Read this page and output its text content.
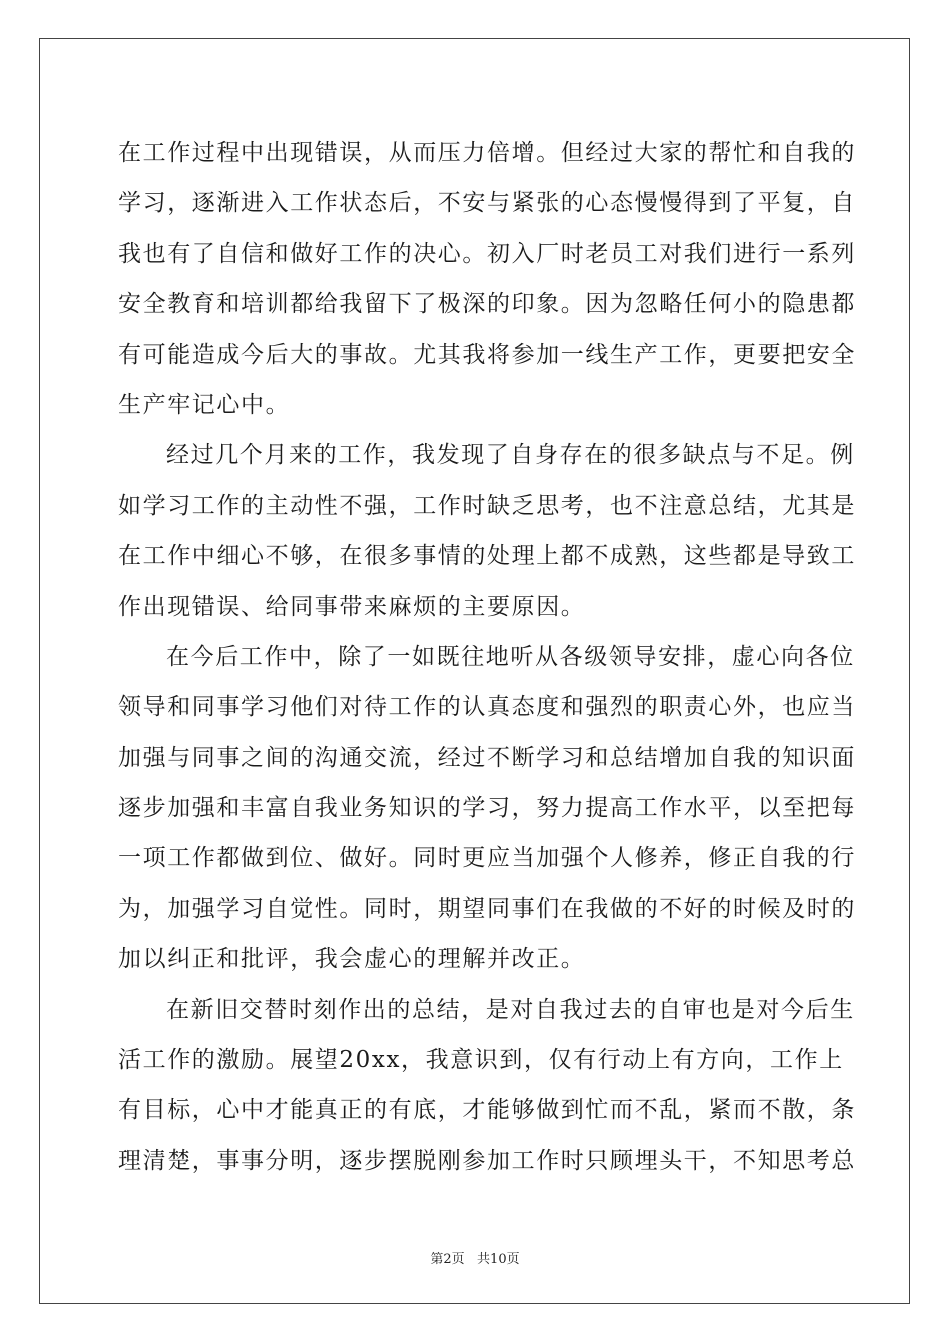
在工作过程中出现错误，从而压力倍增。但经过大家的帮忙和自我的
学习，逐渐进入工作状态后，不安与紧张的心态慢慢得到了平复，自
我也有了自信和做好工作的决心。初入厂时老员工对我们进行一系列
安全教育和培训都给我留下了极深的印象。因为忽略任何小的隐患都
有可能造成今后大的事故。尤其我将参加一线生产工作，更要把安全
生产牢记心中。
经过几个月来的工作，我发现了自身存在的很多缺点与不足。例
如学习工作的主动性不强，工作时缺乏思考，也不注意总结，尤其是
在工作中细心不够，在很多事情的处理上都不成熟，这些都是导致工
作出现错误、给同事带来麻烦的主要原因。
在今后工作中，除了一如既往地听从各级领导安排，虚心向各位
领导和同事学习他们对待工作的认真态度和强烈的职责心外，也应当
加强与同事之间的沟通交流，经过不断学习和总结增加自我的知识面
逐步加强和丰富自我业务知识的学习，努力提高工作水平，以至把每
一项工作都做到位、做好。同时更应当加强个人修养，修正自我的行
为，加强学习自觉性。同时，期望同事们在我做的不好的时候及时的
加以纠正和批评，我会虚心的理解并改正。
在新旧交替时刻作出的总结，是对自我过去的自审也是对今后生
活工作的激励。展望20xx，我意识到，仅有行动上有方向，工作上
有目标，心中才能真正的有底，才能够做到忙而不乱，紧而不散，条
理清楚，事事分明，逐步摆脱刚参加工作时只顾埋头干，不知思考总
第2页   共10页
